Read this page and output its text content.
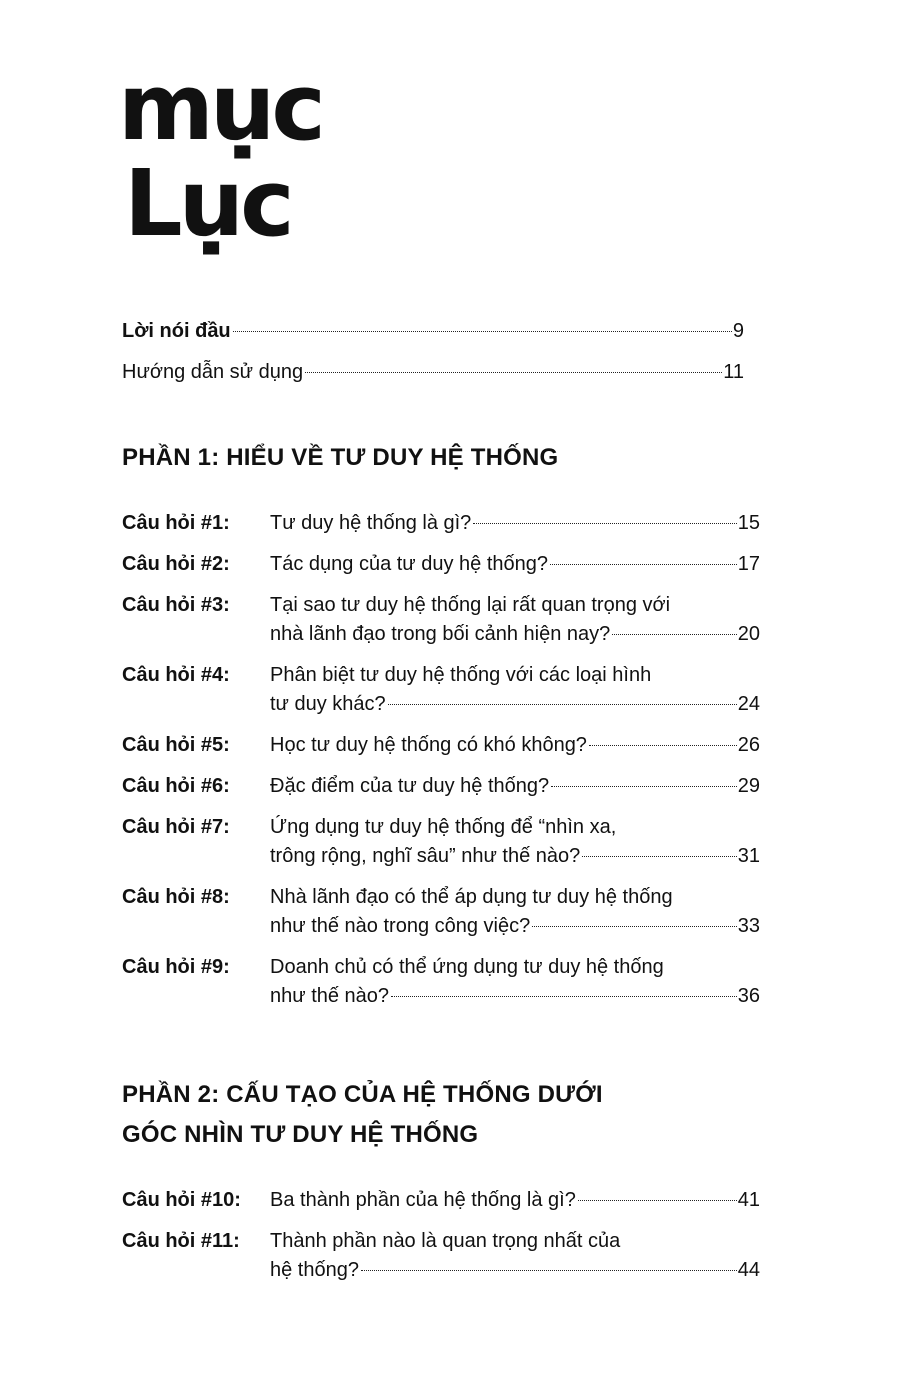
mục
Lục
Lời nói đầu	9
Hướng dẫn sử dụng	11
PHẦN 1: HIỂU VỀ TƯ DUY HỆ THỐNG
Câu hỏi #1: Tư duy hệ thống là gì?	15
Câu hỏi #2: Tác dụng của tư duy hệ thống?	17
Câu hỏi #3: Tại sao tư duy hệ thống lại rất quan trọng với
nhà lãnh đạo trong bối cảnh hiện nay?	20
Câu hỏi #4: Phân biệt tư duy hệ thống với các loại hình
tư duy khác?	24
Câu hỏi #5: Học tư duy hệ thống có khó không?	26
Câu hỏi #6: Đặc điểm của tư duy hệ thống?	29
Câu hỏi #7: Ứng dụng tư duy hệ thống để “nhìn xa,
trông rộng, nghĩ sâu” như thế nào?	31
Câu hỏi #8: Nhà lãnh đạo có thể áp dụng tư duy hệ thống
như thế nào trong công việc?	33
Câu hỏi #9: Doanh chủ có thể ứng dụng tư duy hệ thống
như thế nào?	36
PHẦN 2: CẤU TẠO CỦA HỆ THỐNG DƯỚI
GÓC NHÌN TƯ DUY HỆ THỐNG
Câu hỏi #10: Ba thành phần của hệ thống là gì?	41
Câu hỏi #11: Thành phần nào là quan trọng nhất của
hệ thống?	44
